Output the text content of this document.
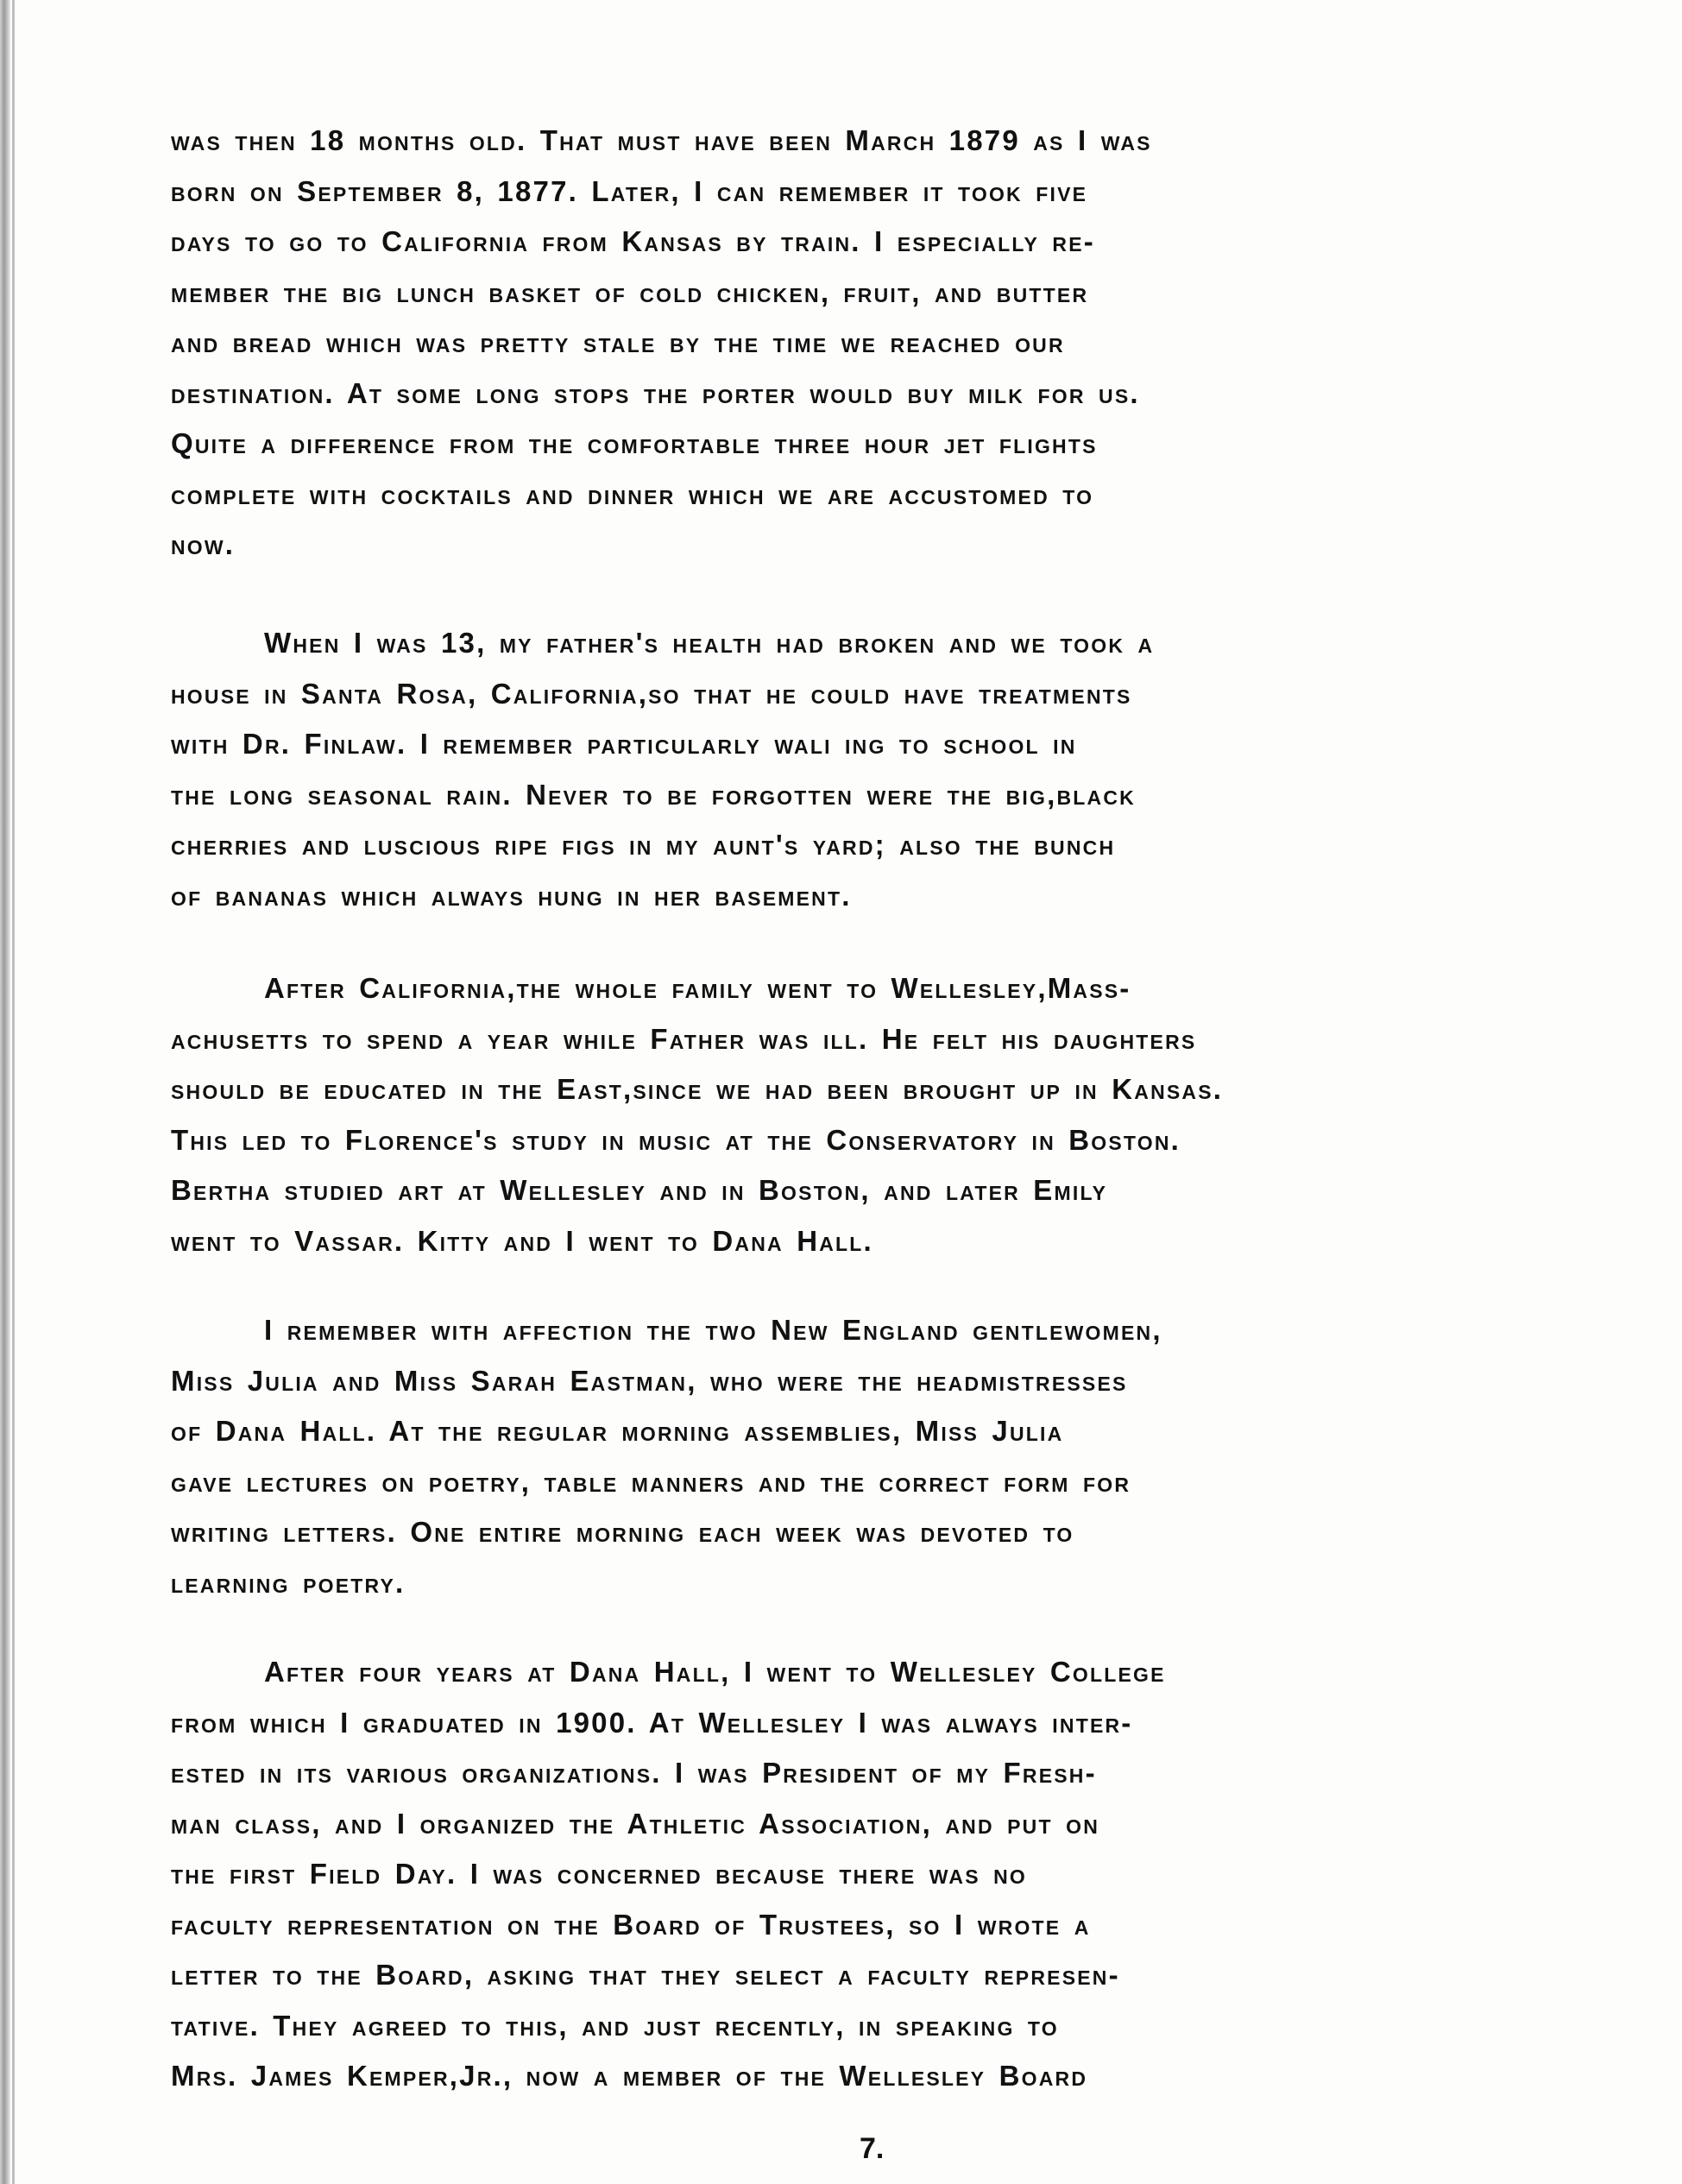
was then 18 months old. That must have been March 1879 as I was
born on September 8, 1877. Later, I can remember it took five
days to go to California from Kansas by train. I especially re-
member the big lunch basket of cold chicken, fruit, and butter
and bread which was pretty stale by the time we reached our
destination. At some long stops the porter would buy milk for us.
Quite a difference from the comfortable three hour jet flights
complete with cocktails and dinner which we are accustomed to
now.
When I was 13, my father's health had broken and we took a
house in Santa Rosa, California,so that he could have treatments
with Dr. Finlaw. I remember particularly wali ing to school in
the long seasonal rain. Never to be forgotten were the big,black
cherries and luscious ripe figs in my aunt's yard; also the bunch
of bananas which always hung in her basement.
After California,the whole family went to Wellesley,Mass-
achusetts to spend a year while Father was ill. He felt his daughters
should be educated in the East,since we had been brought up in Kansas.
This led to Florence's study in music at the Conservatory in Boston.
Bertha studied art at Wellesley and in Boston, and later Emily
went to Vassar. Kitty and I went to Dana Hall.
I remember with affection the two New England gentlewomen,
Miss Julia and Miss Sarah Eastman, who were the headmistresses
of Dana Hall. At the regular morning assemblies, Miss Julia
gave lectures on poetry, table manners and the correct form for
writing letters. One entire morning each week was devoted to
learning poetry.
After four years at Dana Hall, I went to Wellesley College
from which I graduated in 1900. At Wellesley I was always inter-
ested in its various organizations. I was President of my Fresh-
man class, and I organized the Athletic Association, and put on
the first Field Day. I was concerned because there was no
faculty representation on the Board of Trustees, so I wrote a
letter to the Board, asking that they select a faculty represen-
tative. They agreed to this, and just recently, in speaking to
Mrs. James Kemper,Jr., now a member of the Wellesley Board
7.
